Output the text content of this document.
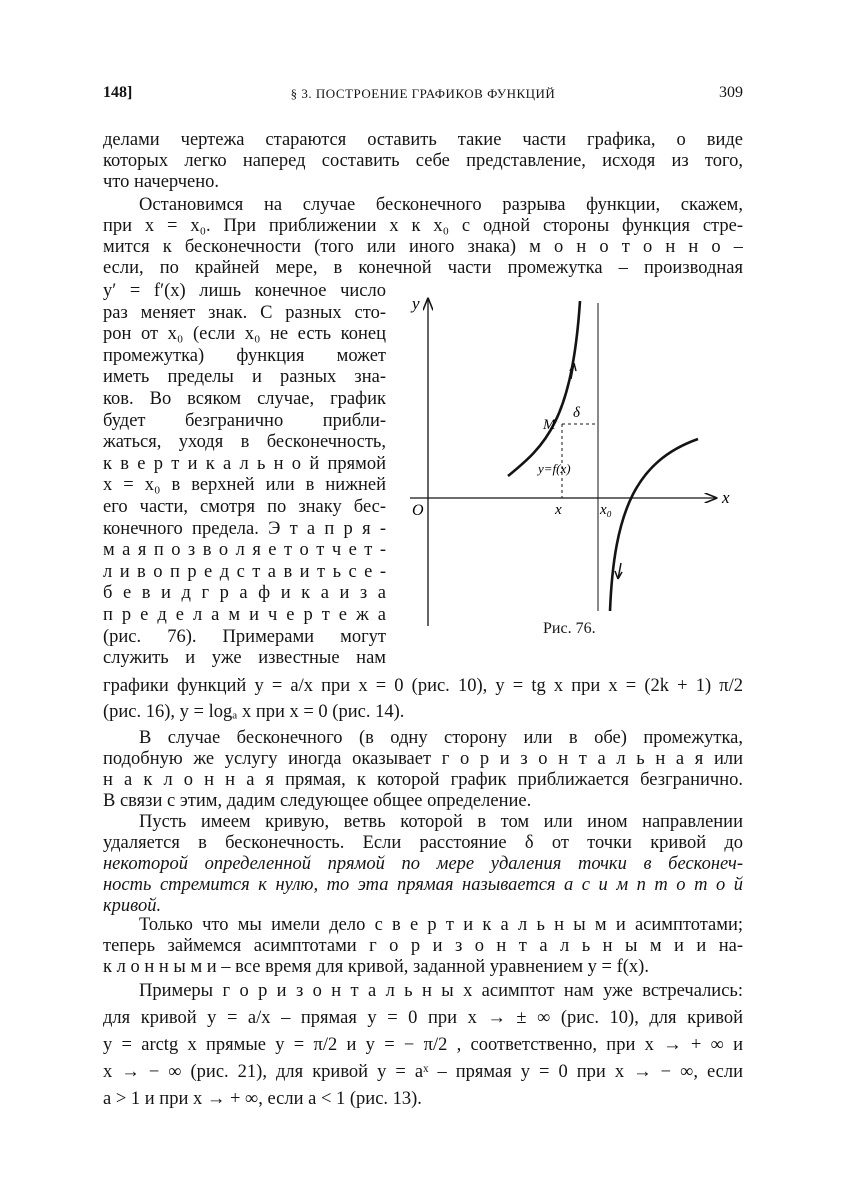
148]	§ 3. ПОСТРОЕНИЕ ГРАФИКОВ ФУНКЦИЙ	309
делами чертежа стараются оставить такие части графика, о виде
которых легко наперед составить себе представление, исходя из того,
что начерчено.
Остановимся на случае бесконечного разрыва функции, скажем,
при x = x₀. При приближении x к x₀ с одной стороны функция стре-
мится к бесконечности (того или иного знака) м о н о т о н н о –
если, по крайней мере, в конечной части промежутка – производная
y′ = f′(x) лишь конечное число
раз меняет знак. С разных сто-
рон от x₀ (если x₀ не есть конец
промежутка) функция может
иметь пределы и разных зна-
ков. Во всяком случае, график
будет безгранично прибли-
жаться, уходя в бесконечность,
к в е р т и к а л ь н о й прямой
x = x₀ в верхней или в нижней
его части, смотря по знаку бес-
конечного предела. Э т а п р я -
м а я п о з в о л я е т о т ч е т -
л и в о п р е д с т а в и т ь с е -
б е в и д г р а ф и к а и з а
п р е д е л а м и ч е р т е ж а
(рис. 76). Примерами могут
служить и уже известные нам
y
x
O
M
δ
y=f(x)
x	x₀
Рис. 76.
графики функций y = a/x при x = 0 (рис. 10), y = tg x при x = (2k + 1) π/2
(рис. 16), y = logₐ x при x = 0 (рис. 14).
В случае бесконечного (в одну сторону или в обе) промежутка,
подобную же услугу иногда оказывает г о р и з о н т а л ь н а я или
н а к л о н н а я прямая, к которой график приближается безгранично.
В связи с этим, дадим следующее общее определение.
Пусть имеем кривую, ветвь которой в том или ином направлении
удаляется в бесконечность. Если расстояние δ от точки кривой до
некоторой определенной прямой по мере удаления точки в бесконеч-
ность стремится к нулю, то эта прямая называется а с и м п т о т о й
кривой.
Только что мы имели дело с в е р т и к а л ь н ы м и асимптотами;
теперь займемся асимптотами г о р и з о н т а л ь н ы м и и на-
к л о н н ы м и – все время для кривой, заданной уравнением y = f(x).
Примеры г о р и з о н т а л ь н ы х асимптот нам уже встречались:
для кривой y = a/x – прямая y = 0 при x → ± ∞ (рис. 10), для кривой
y = arctg x прямые y = π/2 и y = − π/2 , соответственно, при x → + ∞ и
x → − ∞ (рис. 21), для кривой y = aˣ – прямая y = 0 при x → − ∞, если
a > 1 и при x → + ∞, если a < 1 (рис. 13).
